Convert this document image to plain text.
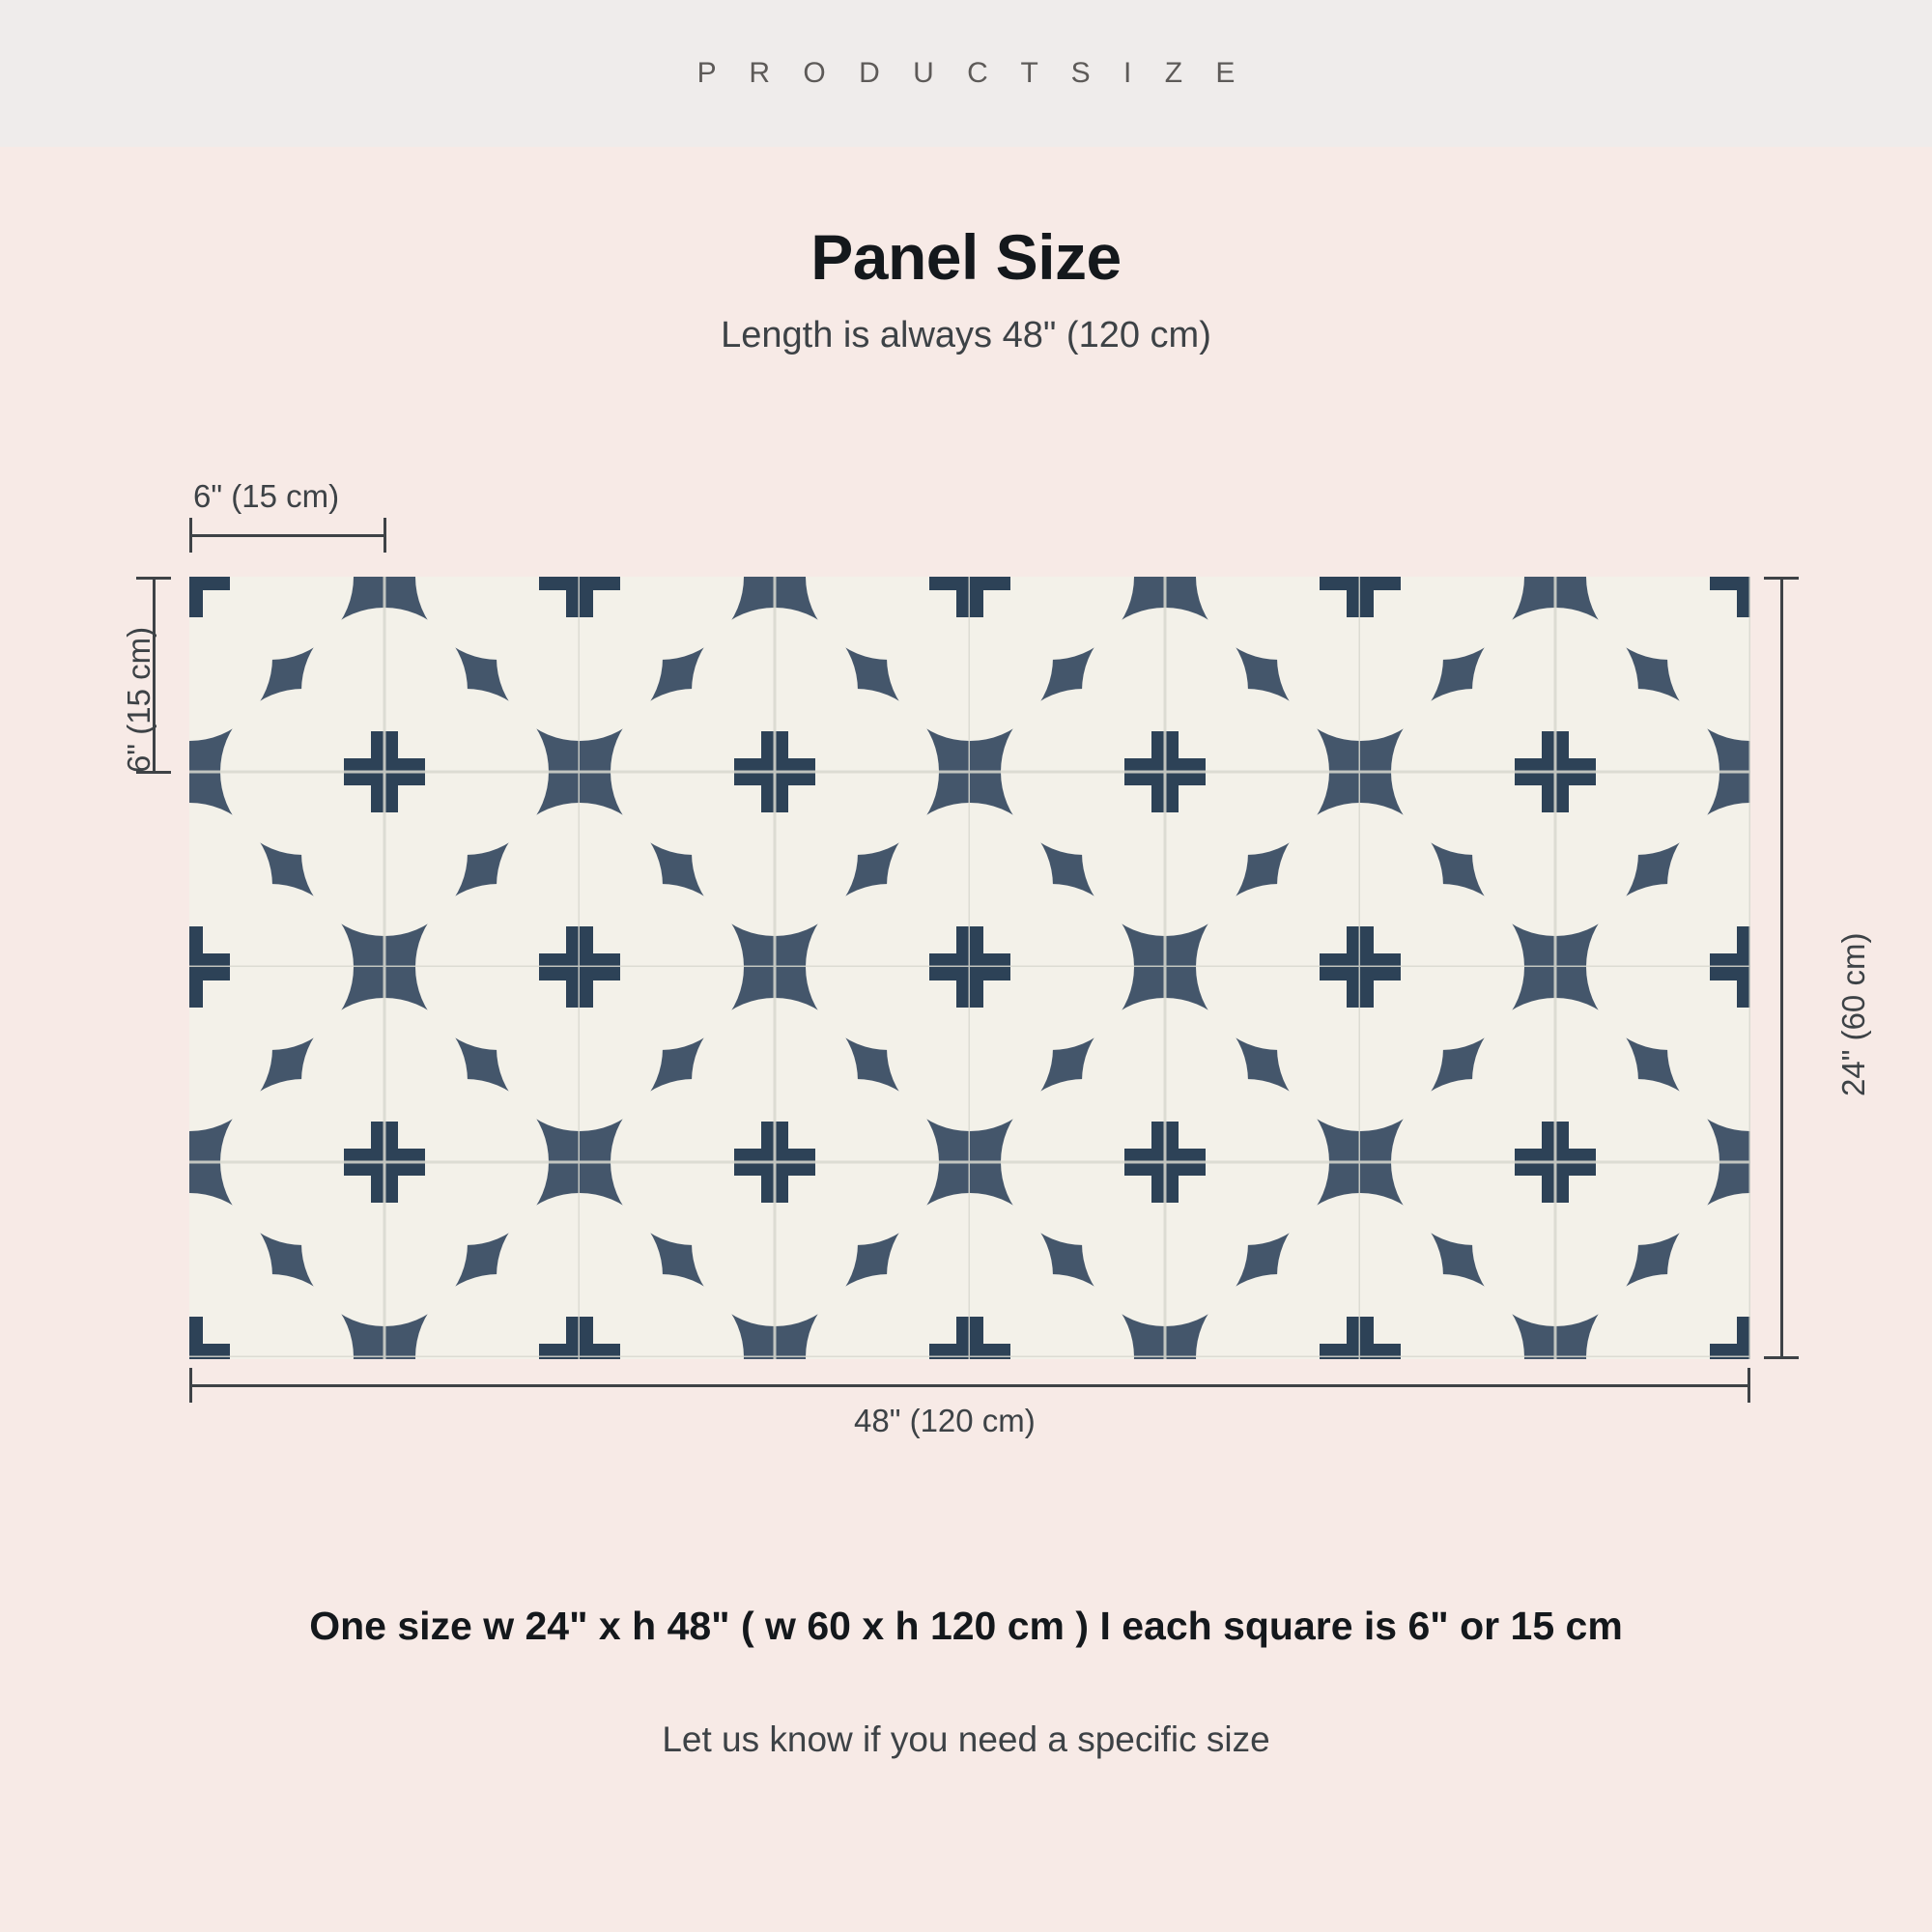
P R O D U C T S I Z E
Panel Size
Length is always 48" (120 cm)
6" (15 cm)
6" (15 cm)
24" (60 cm)
48" (120 cm)
One size w 24" x h 48" ( w 60 x h 120 cm ) I each square is 6" or 15 cm
Let us know if you need a specific size
